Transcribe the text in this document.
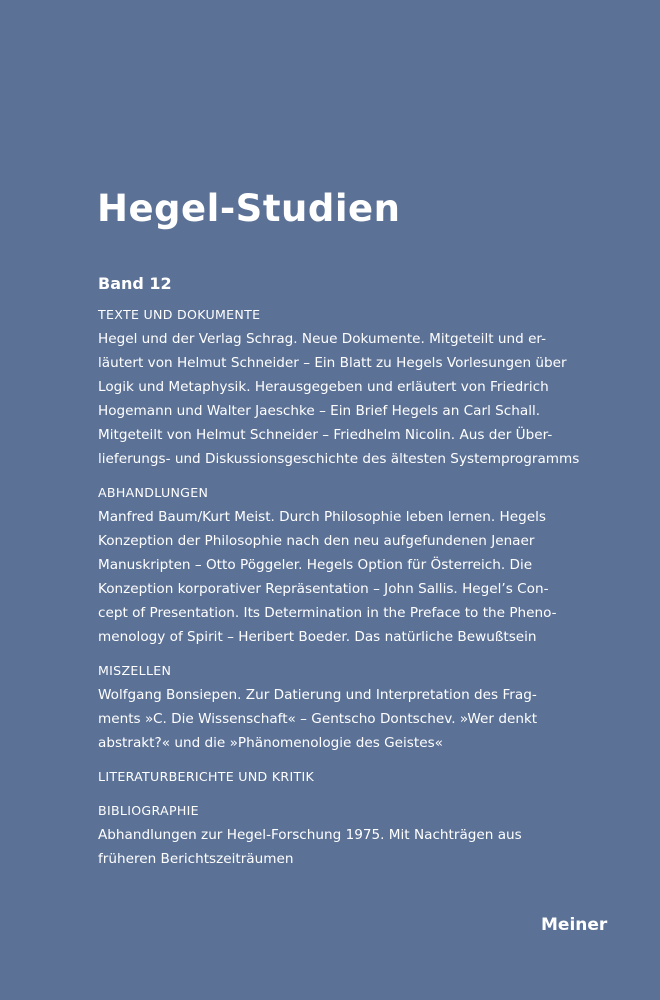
Hegel-Studien
Band 12
TEXTE UND DOKUMENTE
Hegel und der Verlag Schrag. Neue Dokumente. Mitgeteilt und er-
läutert von Helmut Schneider – Ein Blatt zu Hegels Vorlesungen über
Logik und Metaphysik. Herausgegeben und erläutert von Friedrich
Hogemann und Walter Jaeschke – Ein Brief Hegels an Carl Schall.
Mitgeteilt von Helmut Schneider – Friedhelm Nicolin. Aus der Über-
lieferungs- und Diskussionsgeschichte des ältesten Systemprogramms
ABHANDLUNGEN
Manfred Baum/Kurt Meist. Durch Philosophie leben lernen. Hegels
Konzeption der Philosophie nach den neu aufgefundenen Jenaer
Manuskripten – Otto Pöggeler. Hegels Option für Österreich. Die
Konzeption korporativer Repräsentation – John Sallis. Hegel’s Con-
cept of Presentation. Its Determination in the Preface to the Pheno-
menology of Spirit – Heribert Boeder. Das natürliche Bewußtsein
MISZELLEN
Wolfgang Bonsiepen. Zur Datierung und Interpretation des Frag-
ments »C. Die Wissenschaft« – Gentscho Dontschev. »Wer denkt
abstrakt?« und die »Phänomenologie des Geistes«
LITERATURBERICHTE UND KRITIK
BIBLIOGRAPHIE
Abhandlungen zur Hegel-Forschung 1975. Mit Nachträgen aus
früheren Berichtszeiträumen
Meiner
